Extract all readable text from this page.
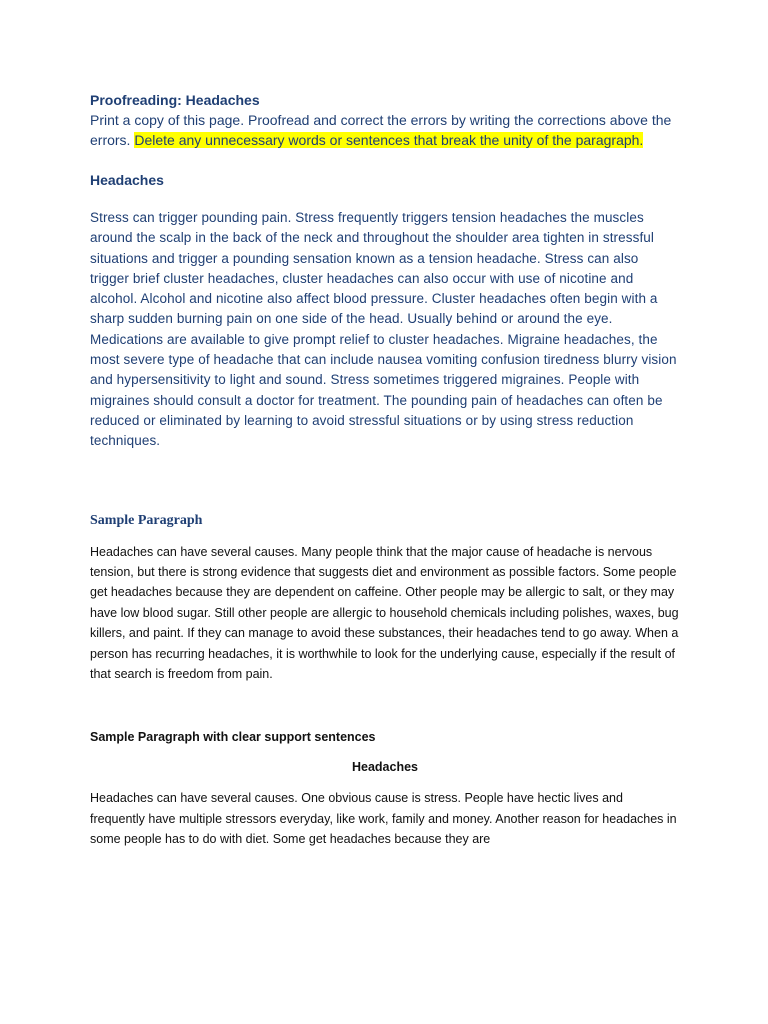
Proofreading: Headaches

Print a copy of this page. Proofread and correct the errors by writing the corrections above the errors. Delete any unnecessary words or sentences that break the unity of the paragraph.

Headaches

Stress can trigger pounding pain. Stress frequently triggers tension headaches the muscles around the scalp in the back of the neck and throughout the shoulder area tighten in stressful situations and trigger a pounding sensation known as a tension headache. Stress can also trigger brief cluster headaches, cluster headaches can also occur with use of nicotine and alcohol. Alcohol and nicotine also affect blood pressure. Cluster headaches often begin with a sharp sudden burning pain on one side of the head. Usually behind or around the eye. Medications are available to give prompt relief to cluster headaches. Migraine headaches, the most severe type of headache that can include nausea vomiting confusion tiredness blurry vision and hypersensitivity to light and sound. Stress sometimes triggered migraines. People with migraines should consult a doctor for treatment. The pounding pain of headaches can often be reduced or eliminated by learning to avoid stressful situations or by using stress reduction techniques.

Sample Paragraph

Headaches can have several causes. Many people think that the major cause of headache is nervous tension, but there is strong evidence that suggests diet and environment as possible factors. Some people get headaches because they are dependent on caffeine. Other people may be allergic to salt, or they may have low blood sugar. Still other people are allergic to household chemicals including polishes, waxes, bug killers, and paint. If they can manage to avoid these substances, their headaches tend to go away. When a person has recurring headaches, it is worthwhile to look for the underlying cause, especially if the result of that search is freedom from pain.

Sample Paragraph with clear support sentences

Headaches

Headaches can have several causes. One obvious cause is stress. People have hectic lives and frequently have multiple stressors everyday, like work, family and money. Another reason for headaches in some people has to do with diet. Some get headaches because they are
